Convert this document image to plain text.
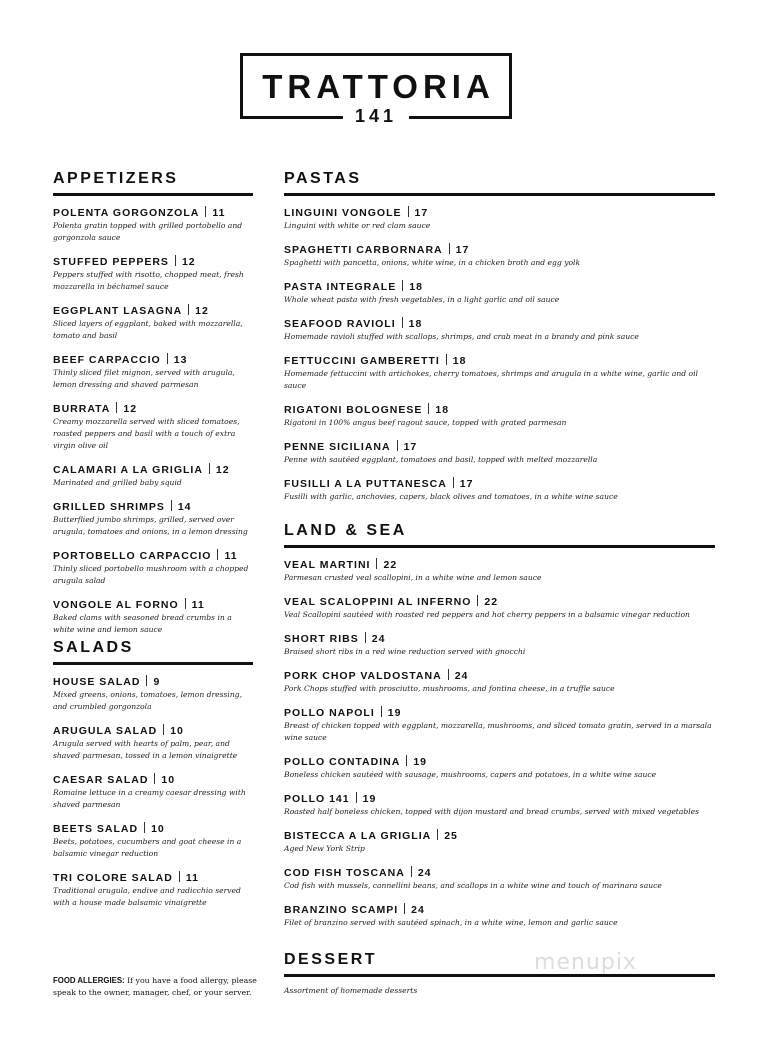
TRATTORIA
141
APPETIZERS
POLENTA GORGONZOLA 11
Polenta gratin topped with grilled portobello and gorgonzola sauce
STUFFED PEPPERS 12
Peppers stuffed with risotto, chopped meat, fresh mozzarella in béchamel sauce
EGGPLANT LASAGNA 12
Sliced layers of eggplant, baked with mozzarella, tomato and basil
BEEF CARPACCIO 13
Thinly sliced filet mignon, served with arugula, lemon dressing and shaved parmesan
BURRATA 12
Creamy mozzarella served with sliced tomatoes, roasted peppers and basil with a touch of extra virgin olive oil
CALAMARI A LA GRIGLIA 12
Marinated and grilled baby squid
GRILLED SHRIMPS 14
Butterflied jumbo shrimps, grilled, served over arugula, tomatoes and onions, in a lemon dressing
PORTOBELLO CARPACCIO 11
Thinly sliced portobello mushroom with a chopped arugula salad
VONGOLE AL FORNO 11
Baked clams with seasoned bread crumbs in a white wine and lemon sauce
SALADS
HOUSE SALAD 9
Mixed greens, onions, tomatoes, lemon dressing, and crumbled gorgonzola
ARUGULA SALAD 10
Arugula served with hearts of palm, pear, and shaved parmesan, tossed in a lemon vinaigrette
CAESAR SALAD 10
Romaine lettuce in a creamy caesar dressing with shaved parmesan
BEETS SALAD 10
Beets, potatoes, cucumbers and goat cheese in a balsamic vinegar reduction
TRI COLORE SALAD 11
Traditional arugula, endive and radicchio served with a house made balsamic vinaigrette
PASTAS
LINGUINI VONGOLE 17
Linguini with white or red clam sauce
SPAGHETTI CARBORNARA 17
Spaghetti with pancetta, onions, white wine, in a chicken broth and egg yolk
PASTA INTEGRALE 18
Whole wheat pasta with fresh vegetables, in a light garlic and oil sauce
SEAFOOD RAVIOLI 18
Homemade ravioli stuffed with scallops, shrimps, and crab meat in a brandy and pink sauce
FETTUCCINI GAMBERETTI 18
Homemade fettuccini with artichokes, cherry tomatoes, shrimps and arugula in a white wine, garlic and oil sauce
RIGATONI BOLOGNESE 18
Rigatoni in 100% angus beef ragout sauce, topped with grated parmesan
PENNE SICILIANA 17
Penne with sautéed eggplant, tomatoes and basil, topped with melted mozzarella
FUSILLI A LA PUTTANESCA 17
Fusilli with garlic, anchovies, capers, black olives and tomatoes, in a white wine sauce
LAND & SEA
VEAL MARTINI 22
Parmesan crusted veal scallopini, in a white wine and lemon sauce
VEAL SCALOPPINI AL INFERNO 22
Veal Scallopini sautéed with roasted red peppers and hot cherry peppers in a balsamic vinegar reduction
SHORT RIBS 24
Braised short ribs in a red wine reduction served with gnocchi
PORK CHOP VALDOSTANA 24
Pork Chops stuffed with prosciutto, mushrooms, and fontina cheese, in a truffle sauce
POLLO NAPOLI 19
Breast of chicken topped with eggplant, mozzarella, mushrooms, and sliced tomato gratin, served in a marsala wine sauce
POLLO CONTADINA 19
Boneless chicken sautéed with sausage, mushrooms, capers and potatoes, in a white wine sauce
POLLO 141 19
Roasted half boneless chicken, topped with dijon mustard and bread crumbs, served with mixed vegetables
BISTECCA A LA GRIGLIA 25
Aged New York Strip
COD FISH TOSCANA 24
Cod fish with mussels, cannellini beans, and scallops in a white wine and touch of marinara sauce
BRANZINO SCAMPI 24
Filet of branzino served with sautéed spinach, in a white wine, lemon and garlic sauce
DESSERT
Assortment of homemade desserts
FOOD ALLERGIES: If you have a food allergy, please speak to the owner, manager, chef, or your server.
menupix
